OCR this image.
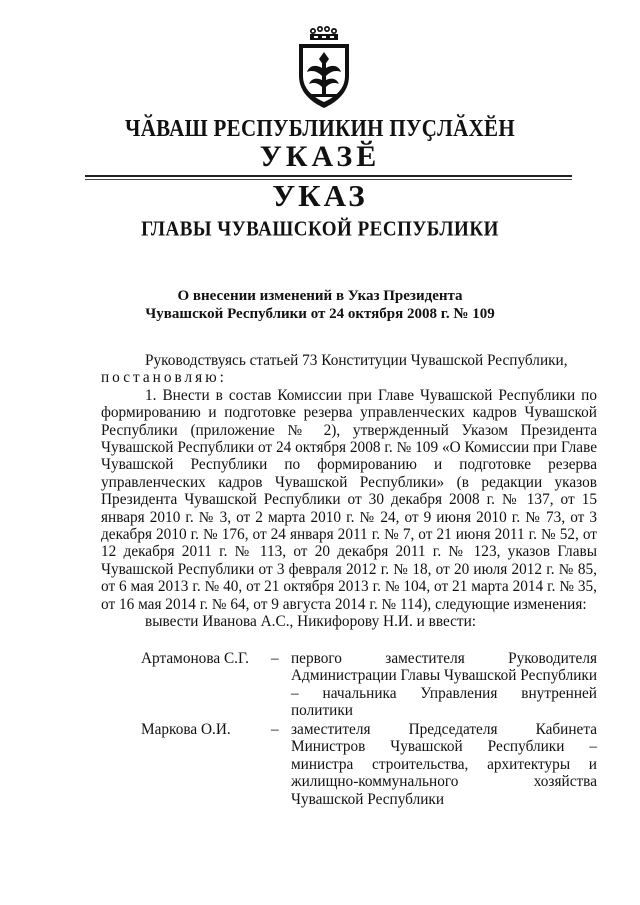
ЧӐВАШ РЕСПУБЛИКИН ПУҪЛӐХӖН
УКАЗӖ
УКАЗ
ГЛАВЫ ЧУВАШСКОЙ РЕСПУБЛИКИ
О внесении изменений в Указ Президента
Чувашской Республики от 24 октября 2008 г. № 109

Руководствуясь статьей 73 Конституции Чувашской Республики,

постановляю:

1. Внести в состав Комиссии при Главе Чувашской Республики по формированию и подготовке резерва управленческих кадров Чувашской Республики (приложение № 2), утвержденный Указом Президента Чувашской Республики от 24 октября 2008 г. № 109 «О Комиссии при Главе Чувашской Республики по формированию и подготовке резерва управленческих кадров Чувашской Республики» (в редакции указов Президента Чувашской Республики от 30 декабря 2008 г. № 137, от 15 января 2010 г. № 3, от 2 марта 2010 г. № 24, от 9 июня 2010 г. № 73, от 3 декабря 2010 г. № 176, от 24 января 2011 г. № 7, от 21 июня 2011 г. № 52, от 12 декабря 2011 г. № 113, от 20 декабря 2011 г. № 123, указов Главы Чувашской Республики от 3 февраля 2012 г. № 18, от 20 июля 2012 г. № 85, от 6 мая 2013 г. № 40, от 21 октября 2013 г. № 104, от 21 марта 2014 г. № 35, от 16 мая 2014 г. № 64, от 9 августа 2014 г. № 114), следующие изменения:

вывести Иванова А.С., Никифорову Н.И. и ввести:

Артамонова С.Г. – первого заместителя Руководителя Администрации Главы Чувашской Республики – начальника Управления внутренней политики
Маркова О.И.	– заместителя Председателя Кабинета Министров Чувашской Республики – министра строительства, архитектуры и жилищно-коммунального хозяйства Чувашской Республики
